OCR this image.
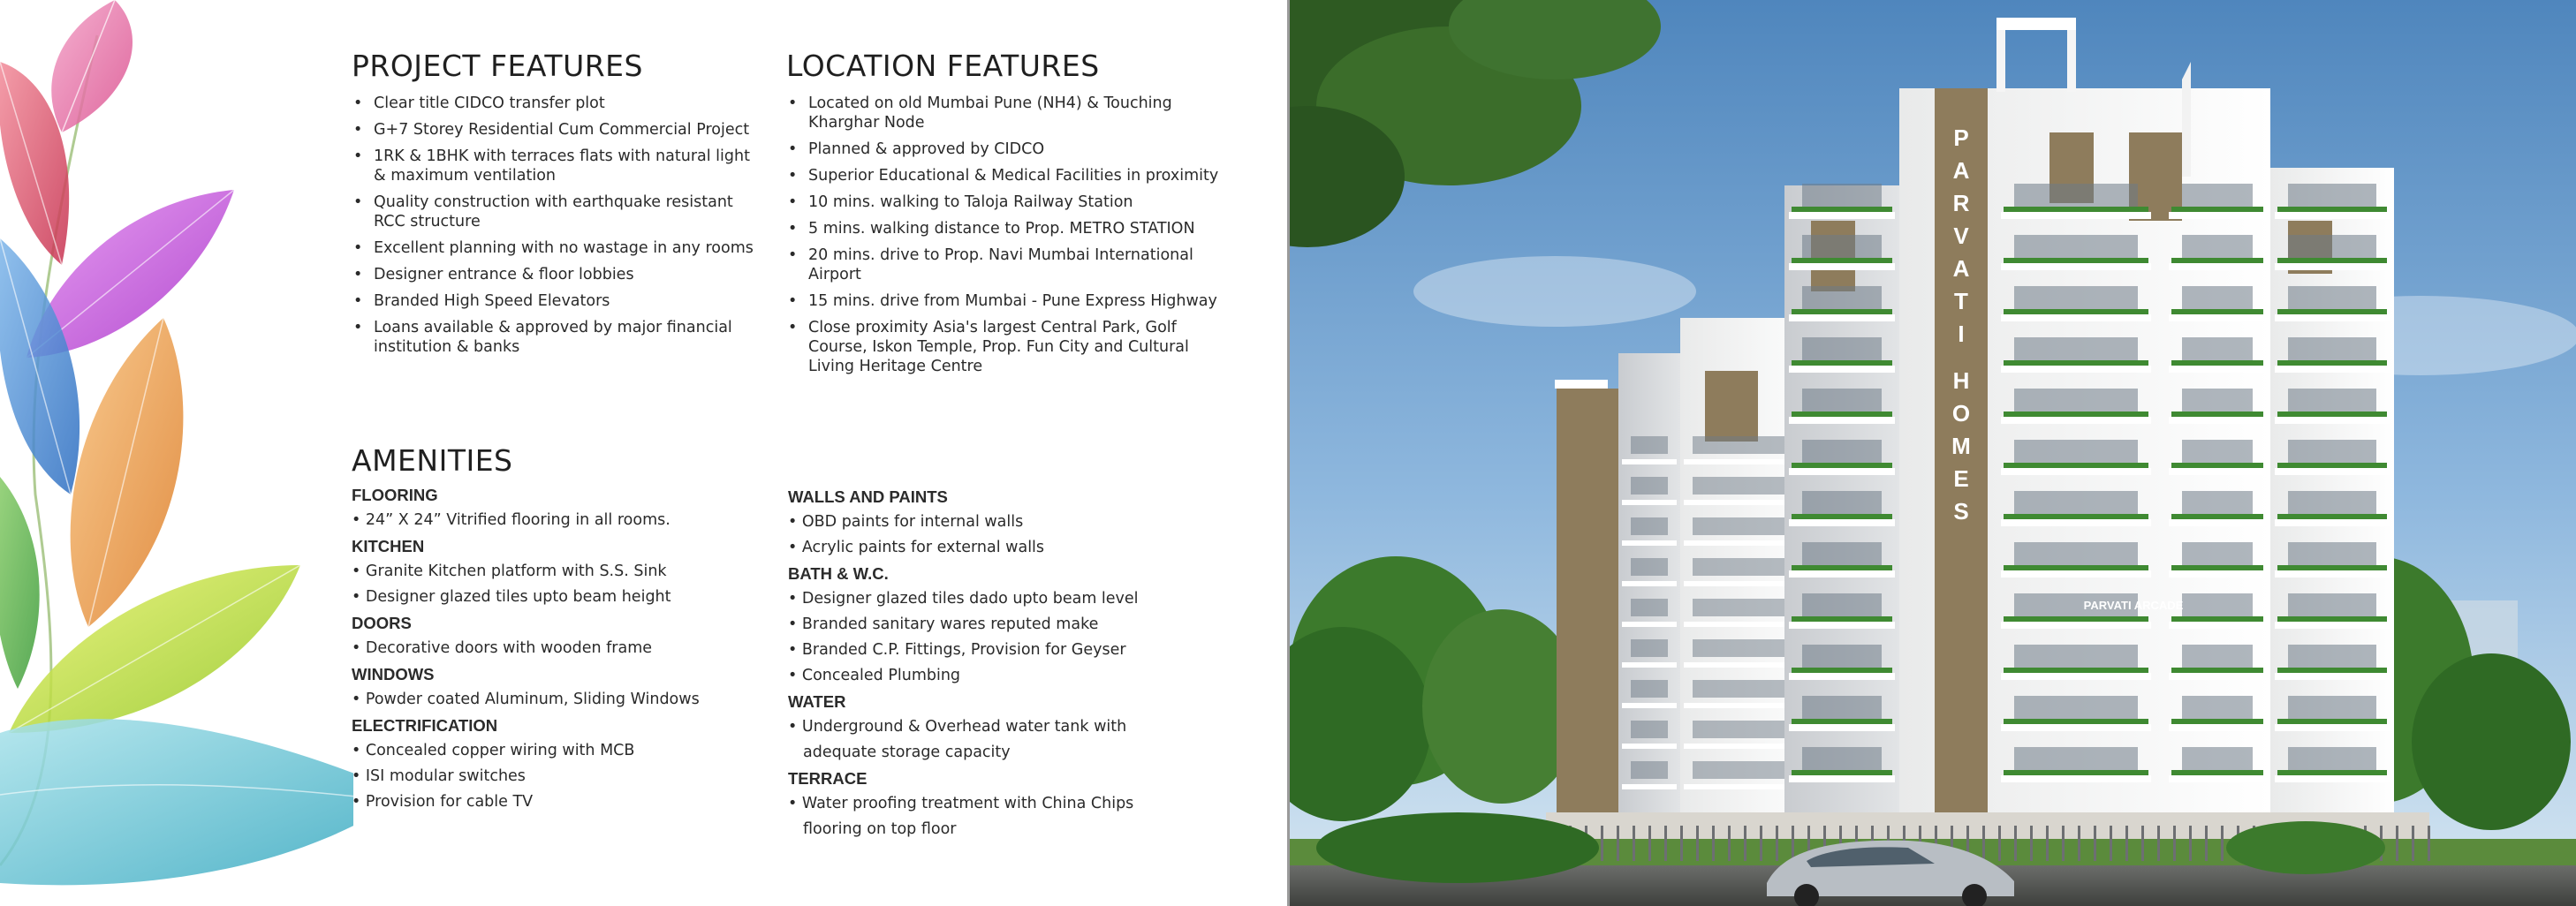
PROJECT FEATURES
• Clear title CIDCO transfer plot
• G+7 Storey Residential Cum Commercial Project
• 1RK & 1BHK with terraces flats with natural light & maximum ventilation
• Quality construction with earthquake resistant RCC structure
• Excellent planning with no wastage in any rooms
• Designer entrance & floor lobbies
• Branded High Speed Elevators
• Loans available & approved by major financial institution & banks
LOCATION FEATURES
• Located on old Mumbai Pune (NH4) & Touching Kharghar Node
• Planned & approved by CIDCO
• Superior Educational & Medical Facilities in proximity
• 10 mins. walking to Taloja Railway Station
• 5 mins. walking distance to Prop. METRO STATION
• 20 mins. drive to Prop. Navi Mumbai International Airport
• 15 mins. drive from Mumbai - Pune Express Highway
• Close proximity Asia's largest Central Park, Golf Course, Iskon Temple, Prop. Fun City and Cultural Living Heritage Centre
AMENITIES
FLOORING
• 24” X 24” Vitrified flooring in all rooms.
KITCHEN
• Granite Kitchen platform with S.S. Sink
• Designer glazed tiles upto beam height
DOORS
• Decorative doors with wooden frame
WINDOWS
• Powder coated Aluminum, Sliding Windows
ELECTRIFICATION
• Concealed copper wiring with MCB
• ISI modular switches
• Provision for cable TV
WALLS AND PAINTS
• OBD paints for internal walls
• Acrylic paints for external walls
BATH & W.C.
• Designer glazed tiles dado upto beam level
• Branded sanitary wares reputed make
• Branded C.P. Fittings, Provision for Geyser
• Concealed Plumbing
WATER
• Underground & Overhead water tank with
adequate storage capacity
TERRACE
• Water proofing treatment with China Chips
flooring on top floor
P A R V A T I H O M E S
PARVATI ARCADE
